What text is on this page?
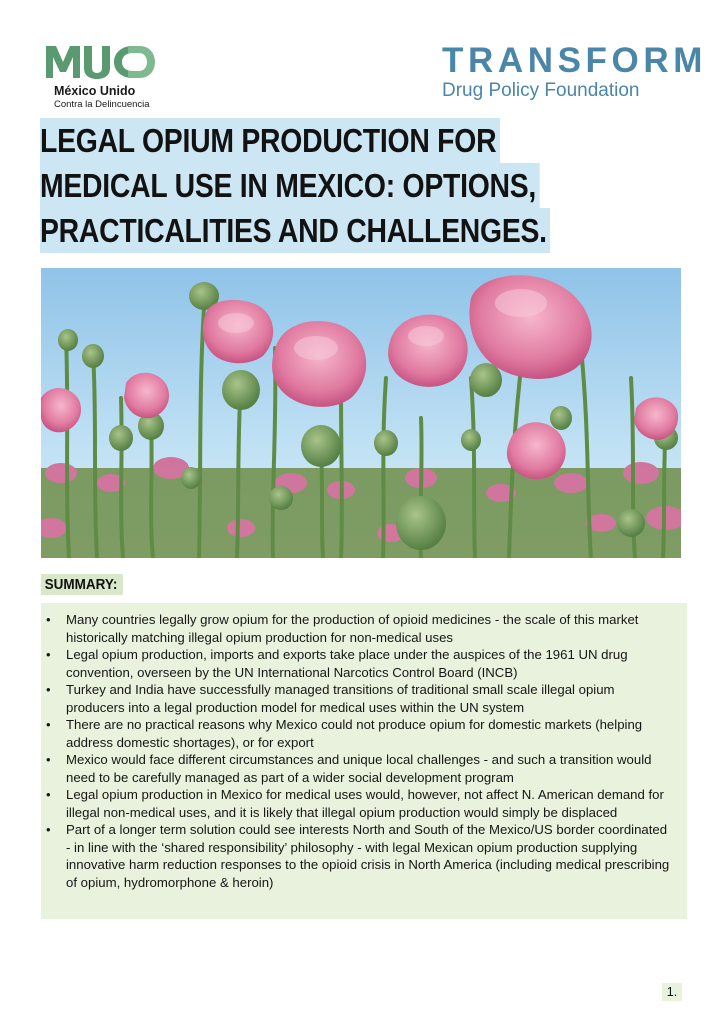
México Unido
Contra la Delincuencia
TRANSFORM
Drug Policy Foundation
LEGAL OPIUM PRODUCTION FOR
MEDICAL USE IN MEXICO: OPTIONS,
PRACTICALITIES AND CHALLENGES.
SUMMARY:
• Many countries legally grow opium for the production of opioid medicines - the scale of this market historically matching illegal opium production for non-medical uses
• Legal opium production, imports and exports take place under the auspices of the 1961 UN drug convention, overseen by the UN International Narcotics Control Board (INCB)
• Turkey and India have successfully managed transitions of traditional small scale illegal opium producers into a legal production model for medical uses within the UN system
• There are no practical reasons why Mexico could not produce opium for domestic markets (helping address domestic shortages), or for export
• Mexico would face different circumstances and unique local challenges - and such a transition would need to be carefully managed as part of a wider social development program
• Legal opium production in Mexico for medical uses would, however, not affect N. American demand for illegal non-medical uses, and it is likely that illegal opium production would simply be displaced
• Part of a longer term solution could see interests North and South of the Mexico/US border coordinated - in line with the ‘shared responsibility’ philosophy - with legal Mexican opium production supplying innovative harm reduction responses to the opioid crisis in North America (including medical prescribing of opium, hydromorphone & heroin)
1.
